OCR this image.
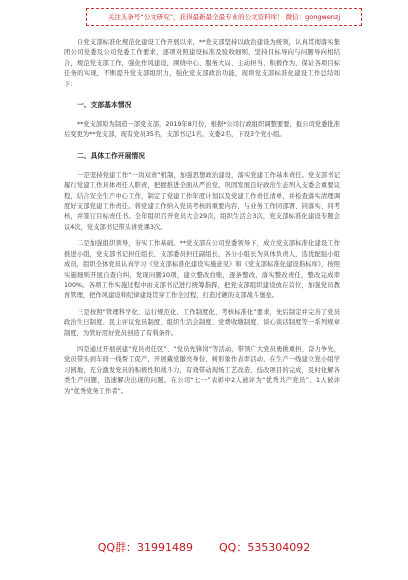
关注头条号“公文研究”，获得最新最全最专业的公文资料库！ 微信：gongwenzj

自党支部标准化规范化建设工作开展以来，**党支部坚持以政治建设为统领，认真贯彻落实集团公司党委及公司党委工作要求，逐项对照建设标准及验收细则，坚持目标导向与问题导向相结合，规范党支部工作，强化作风建设，围绕中心、服务大局、主动担当、积极作为，保证各项目标任务的实现，不断提升党支部组织力，强化党支部政治功能，现将党支部标准化建设工作总结如下：

一、支部基本情况

**党支部原为制造一部党支部，2019年8月份，根据*公司行政组织调整要要，报公司党委批准后变更为**党支部，现有党员35名，支部书记1名，支委2名，下设3个党小组。

二、具体工作开展情况

一是坚持党建工作“一岗双责”机制，加强思想政治建设，落实党建工作基本责任。党支部书记履行党建工作具体责任人职责，把握推进全面从严治党，巩固发展良好政治生态列入支委会重要议程，结合安全生产中心工作，制定了党建工作年度计划以及党建工作责任清单，并检查落实清理调度好支部党建工作责任。将党建工作纳入党员考核的重要内容，与业务工作同部署、同落实、同考核，并签订目标责任书。全年组织召开党员大会29次，组织生活会3次，党支部标准化建设专题会议4次，党支部书记带头讲党课3次。

二是加强组织领导，夯实工作基础。**党支部在公司党委领导下，成立党支部标准化建设工作推进小组，党支部书记担任组长，支部委员担任副组长，各分小组长为具体负责人，选优配强小组成员，组织全体党员认真学习《党支部标准化建设实施意见》和《党支部标准化建设指标库》，按照实施细则开展自查自纠，发现问题10项，建立整改台账，逐条整改，落实整改责任，整改完成率100%。各项工作实施过程中由支部书记进行统筹指挥，把党支部组织建设放在首位，加强党员教育管理，把作风建设和纪律建设贯穿工作全过程，打造过硬的支部战斗堡垒。

三是按照“管理科学化、运行规范化、工作制度化、考核标准化”要求，先后制定并完善了党员政治生日制度、民主评议党员制度、组织生活会制度、党费收缴制度、谈心谈话制度等一系列规章制度，为管好用好党员创造了有利条件。

四是通过开展创建“党员责任区”、“党员先锋岗”等活动，带领广大党员勇挑重担、奋力争先，党员带头到车间一线帮工促产，开展戴党徽亮身份、树形象作表率活动，在生产一线建立党小组学习园地，充分激发党员的积极性和战斗力，有效带动现场工艺改造、技改项目的完成，及时化解各类生产问题，迅速解决出现的问题。在公司“七一”表彰中2人被评为“优秀共产党员”、1人被评为“优秀党务工作者”。

QQ群：31991489 QQ：535304092
